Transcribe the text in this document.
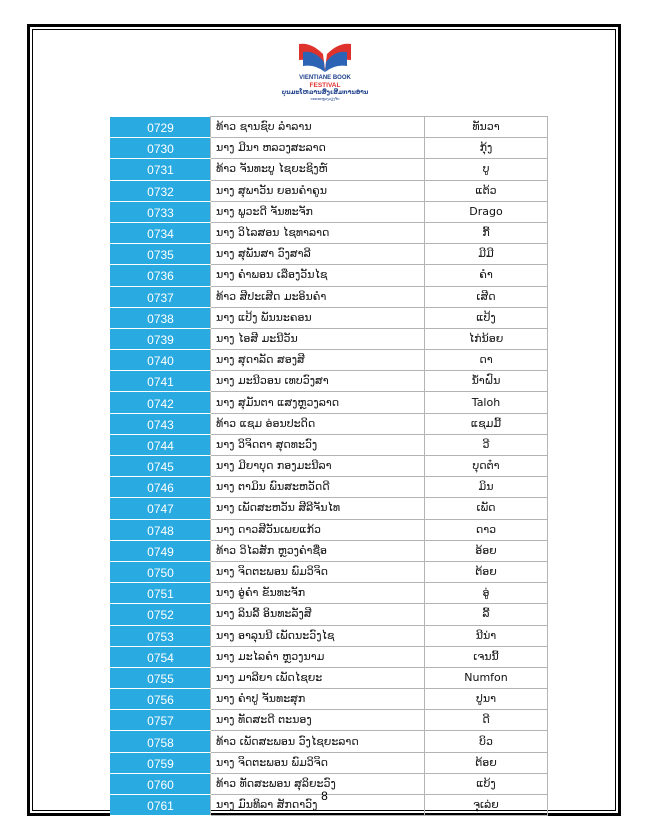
VIENTIANE BOOK
FESTIVAL
ບຸນມະໂຫລານສົ່ງເສີມການອ່ານ
ນະຄອນຫຼວງວຽງຈັນ
0729	ທ້າວ ຊານຊົບ ລຳລານ	ທັນວາ
0730	ນາງ ມີນາ ຫລວງສະລາດ	ກຸ້ງ
0731	ທ້າວ ຈັນທະບູ ໄຊຍະຊິງຫ໌	ບູ
0732	ນາງ ສຸພາວັນ ຍອນຄຳຄູນ	ແຕ້ວ
0733	ນາງ ພູວະດີ ຈັນທະຈັກ	Drago
0734	ນາງ ວິໄລສອນ ໄຊທາລາດ	ກີ້
0735	ນາງ ສຸພັນສາ ວົງສາລີ	ມີມີ
0736	ນາງ ຄຳພອນ ເລືອງວັນໄຊ	ຄຳ
0737	ທ້າວ ສີປະເສີດ ມະອິນຄຳ	ເສີດ
0738	ນາງ ແປ້ງ ພັນນະຄອນ	ແປ້ງ
0739	ນາງ ໄອສີ ມະນີວັນ	ໄກ່ນ້ອຍ
0740	ນາງ ສຸດາລັດ ສອງສີ	ດາ
0741	ນາງ ມະນີວອນ ເທບວົງສາ	ນ້ຳຝົນ
0742	ນາງ ສຸມັນຕາ ແສງຫຼວງລາດ	Taloh
0743	ທ້າວ ແຊມ ອ່ອນປະດິດ	ແຊມມີ້
0744	ນາງ ວິຈິດຕາ ສຸດທະວົງ	ວີ
0745	ນາງ ມີຍາບຸດ ກອງມະນີລາ	ບຸດຕ໋າ
0746	ນາງ ຕາມິນ ພົນສະຫວັດດີ	ມິນ
0747	ນາງ ເພັດສະຫວັນ ສີລີຈັນໄທ	ເພັດ
0748	ນາງ ດາວສີວັນເພຍແກ້ວ	ດາວ
0749	ທ້າວ ວິໄລສັກ ຫຼວງຄຳຊື່ອ	ອ້ອຍ
0750	ນາງ ຈິດຕະພອນ ພົມວິຈິດ	ຕ້ອຍ
0751	ນາງ ອູ່ຄຳ ຂັນທະຈັກ	ອູ່
0752	ນາງ ລິນລີ້ ອິນທະລັງສີ	ລີ້
0753	ນາງ ອາລຸນນີ ເພັດນະວົງໄຊ	ນີນ່າ
0754	ນາງ ມະໄລຄຳ ຫຼວງນາມ	ເຈນນີ້
0755	ນາງ ມາລີຍາ ເພັດໄຊຍະ	Numfon
0756	ນາງ ຄຳປູ ຈັນທະສຸກ	ປູນາ
0757	ນາງ ທັດສະດີ ຕະນອງ	ດີ
0758	ທ້າວ ເພັດສະພອນ ວົງໄຊຍະລາດ	ບິວ
0759	ນາງ ຈິດຕະພອນ ພົມວິຈິດ	ຕ້ອຍ
0760	ທ້າວ ທັດສະພອນ ສຸລິຍະວົງ	ແບ້ງ
0761	ນາງ ມົນທິລາ ສັກດາວົງ	ຈຸເລ່ຍ
8
